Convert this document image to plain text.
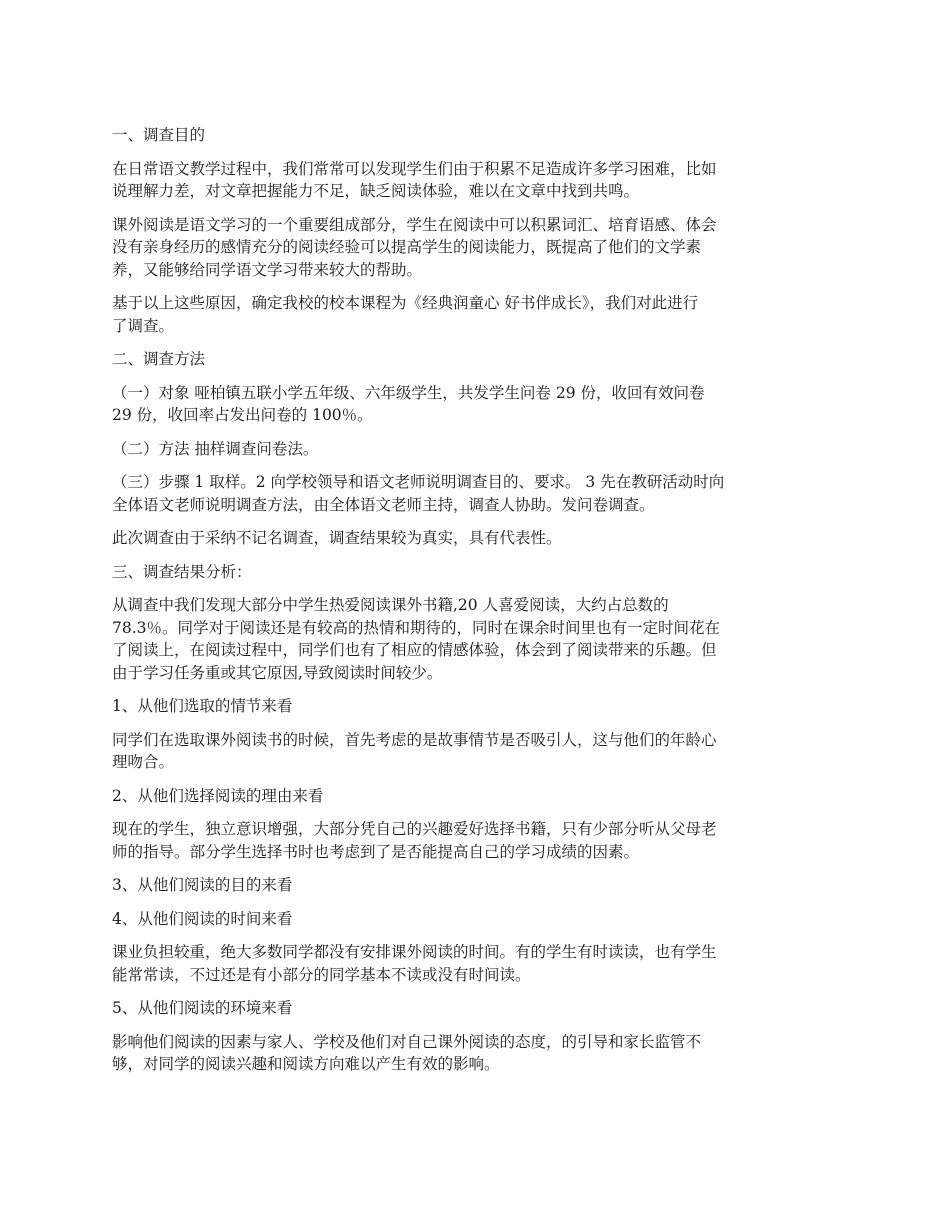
一、调查目的

在日常语文教学过程中，我们常常可以发现学生们由于积累不足造成许多学习困难，比如
说理解力差，对文章把握能力不足，缺乏阅读体验，难以在文章中找到共鸣。

课外阅读是语文学习的一个重要组成部分，学生在阅读中可以积累词汇、培育语感、体会
没有亲身经历的感情充分的阅读经验可以提高学生的阅读能力，既提高了他们的文学素
养，又能够给同学语文学习带来较大的帮助。

基于以上这些原因，确定我校的校本课程为《经典润童心 好书伴成长》，我们对此进行
了调查。

二、调查方法

（一）对象 哑柏镇五联小学五年级、六年级学生，共发学生问卷 29 份，收回有效问卷
29 份，收回率占发出问卷的 100％。

（二）方法 抽样调查问卷法。

（三）步骤 1 取样。2 向学校领导和语文老师说明调查目的、要求。 3 先在教研活动时向
全体语文老师说明调查方法，由全体语文老师主持，调查人协助。发问卷调查。

此次调查由于采纳不记名调查，调查结果较为真实，具有代表性。

三、调查结果分析：

从调查中我们发现大部分中学生热爱阅读课外书籍,20 人喜爱阅读，大约占总数的
78.3％。同学对于阅读还是有较高的热情和期待的，同时在课余时间里也有一定时间花在
了阅读上，在阅读过程中，同学们也有了相应的情感体验，体会到了阅读带来的乐趣。但
由于学习任务重或其它原因,导致阅读时间较少。

1、从他们选取的情节来看

同学们在选取课外阅读书的时候，首先考虑的是故事情节是否吸引人，这与他们的年龄心
理吻合。

2、从他们选择阅读的理由来看

现在的学生，独立意识增强，大部分凭自己的兴趣爱好选择书籍，只有少部分听从父母老
师的指导。部分学生选择书时也考虑到了是否能提高自己的学习成绩的因素。

3、从他们阅读的目的来看

4、从他们阅读的时间来看

课业负担较重，绝大多数同学都没有安排课外阅读的时间。有的学生有时读读，也有学生
能常常读，不过还是有小部分的同学基本不读或没有时间读。

5、从他们阅读的环境来看

影响他们阅读的因素与家人、学校及他们对自己课外阅读的态度，的引导和家长监管不
够，对同学的阅读兴趣和阅读方向难以产生有效的影响。
